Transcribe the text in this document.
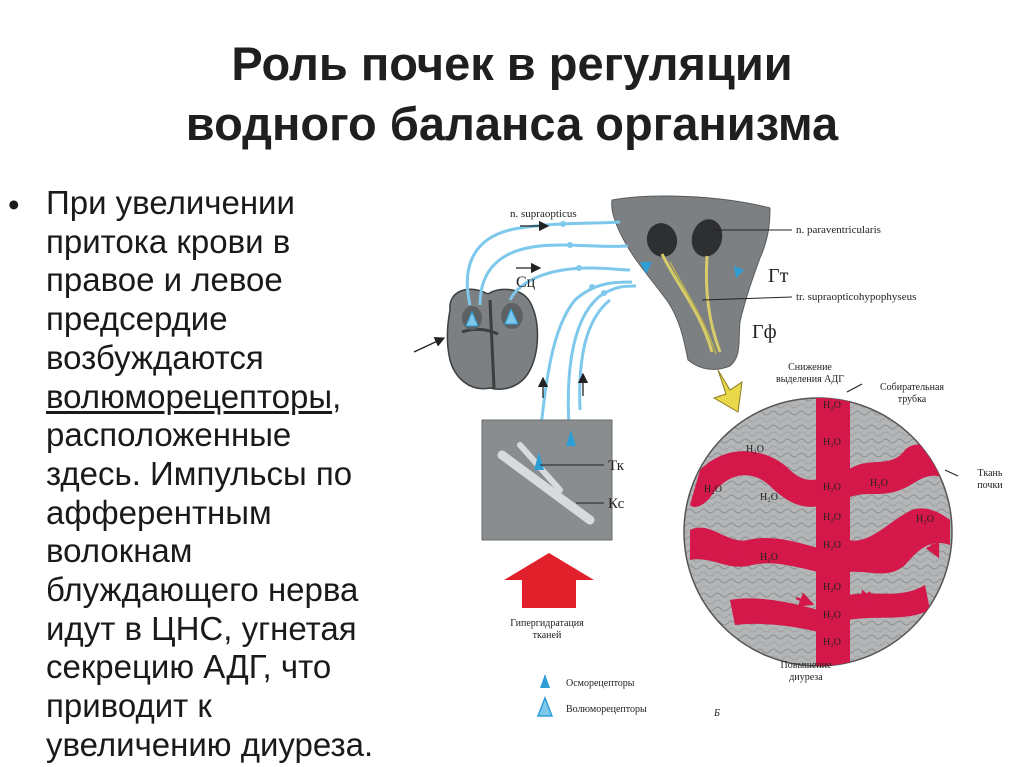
Роль почек в регуляции
водного баланса организма
• При увеличении
притока крови в
правое и левое
предсердие
возбуждаются
волюморецепторы,
расположенные
здесь. Импульсы по
афферентным
волокнам
блуждающего нерва
идут в ЦНС, угнетая
секрецию АДГ, что
приводит к
увеличению диуреза.
H₂O
H₂O
H₂O
H₂O
H₂O
H₂O
H₂O
H₂O
H₂O
H₂O
H₂O
H₂O
H₂O
H₂O
n. supraopticus
n. paraventricularis
Гт
tr. supraopticohypophyseus
Гф
Сц
Тк
Кс
Снижение
выделения АДГ
Собирательная
трубка
Ткань
почки
Гипергидратация
тканей
Повышение
диуреза
Осморецепторы
Волюморецепторы	Б
